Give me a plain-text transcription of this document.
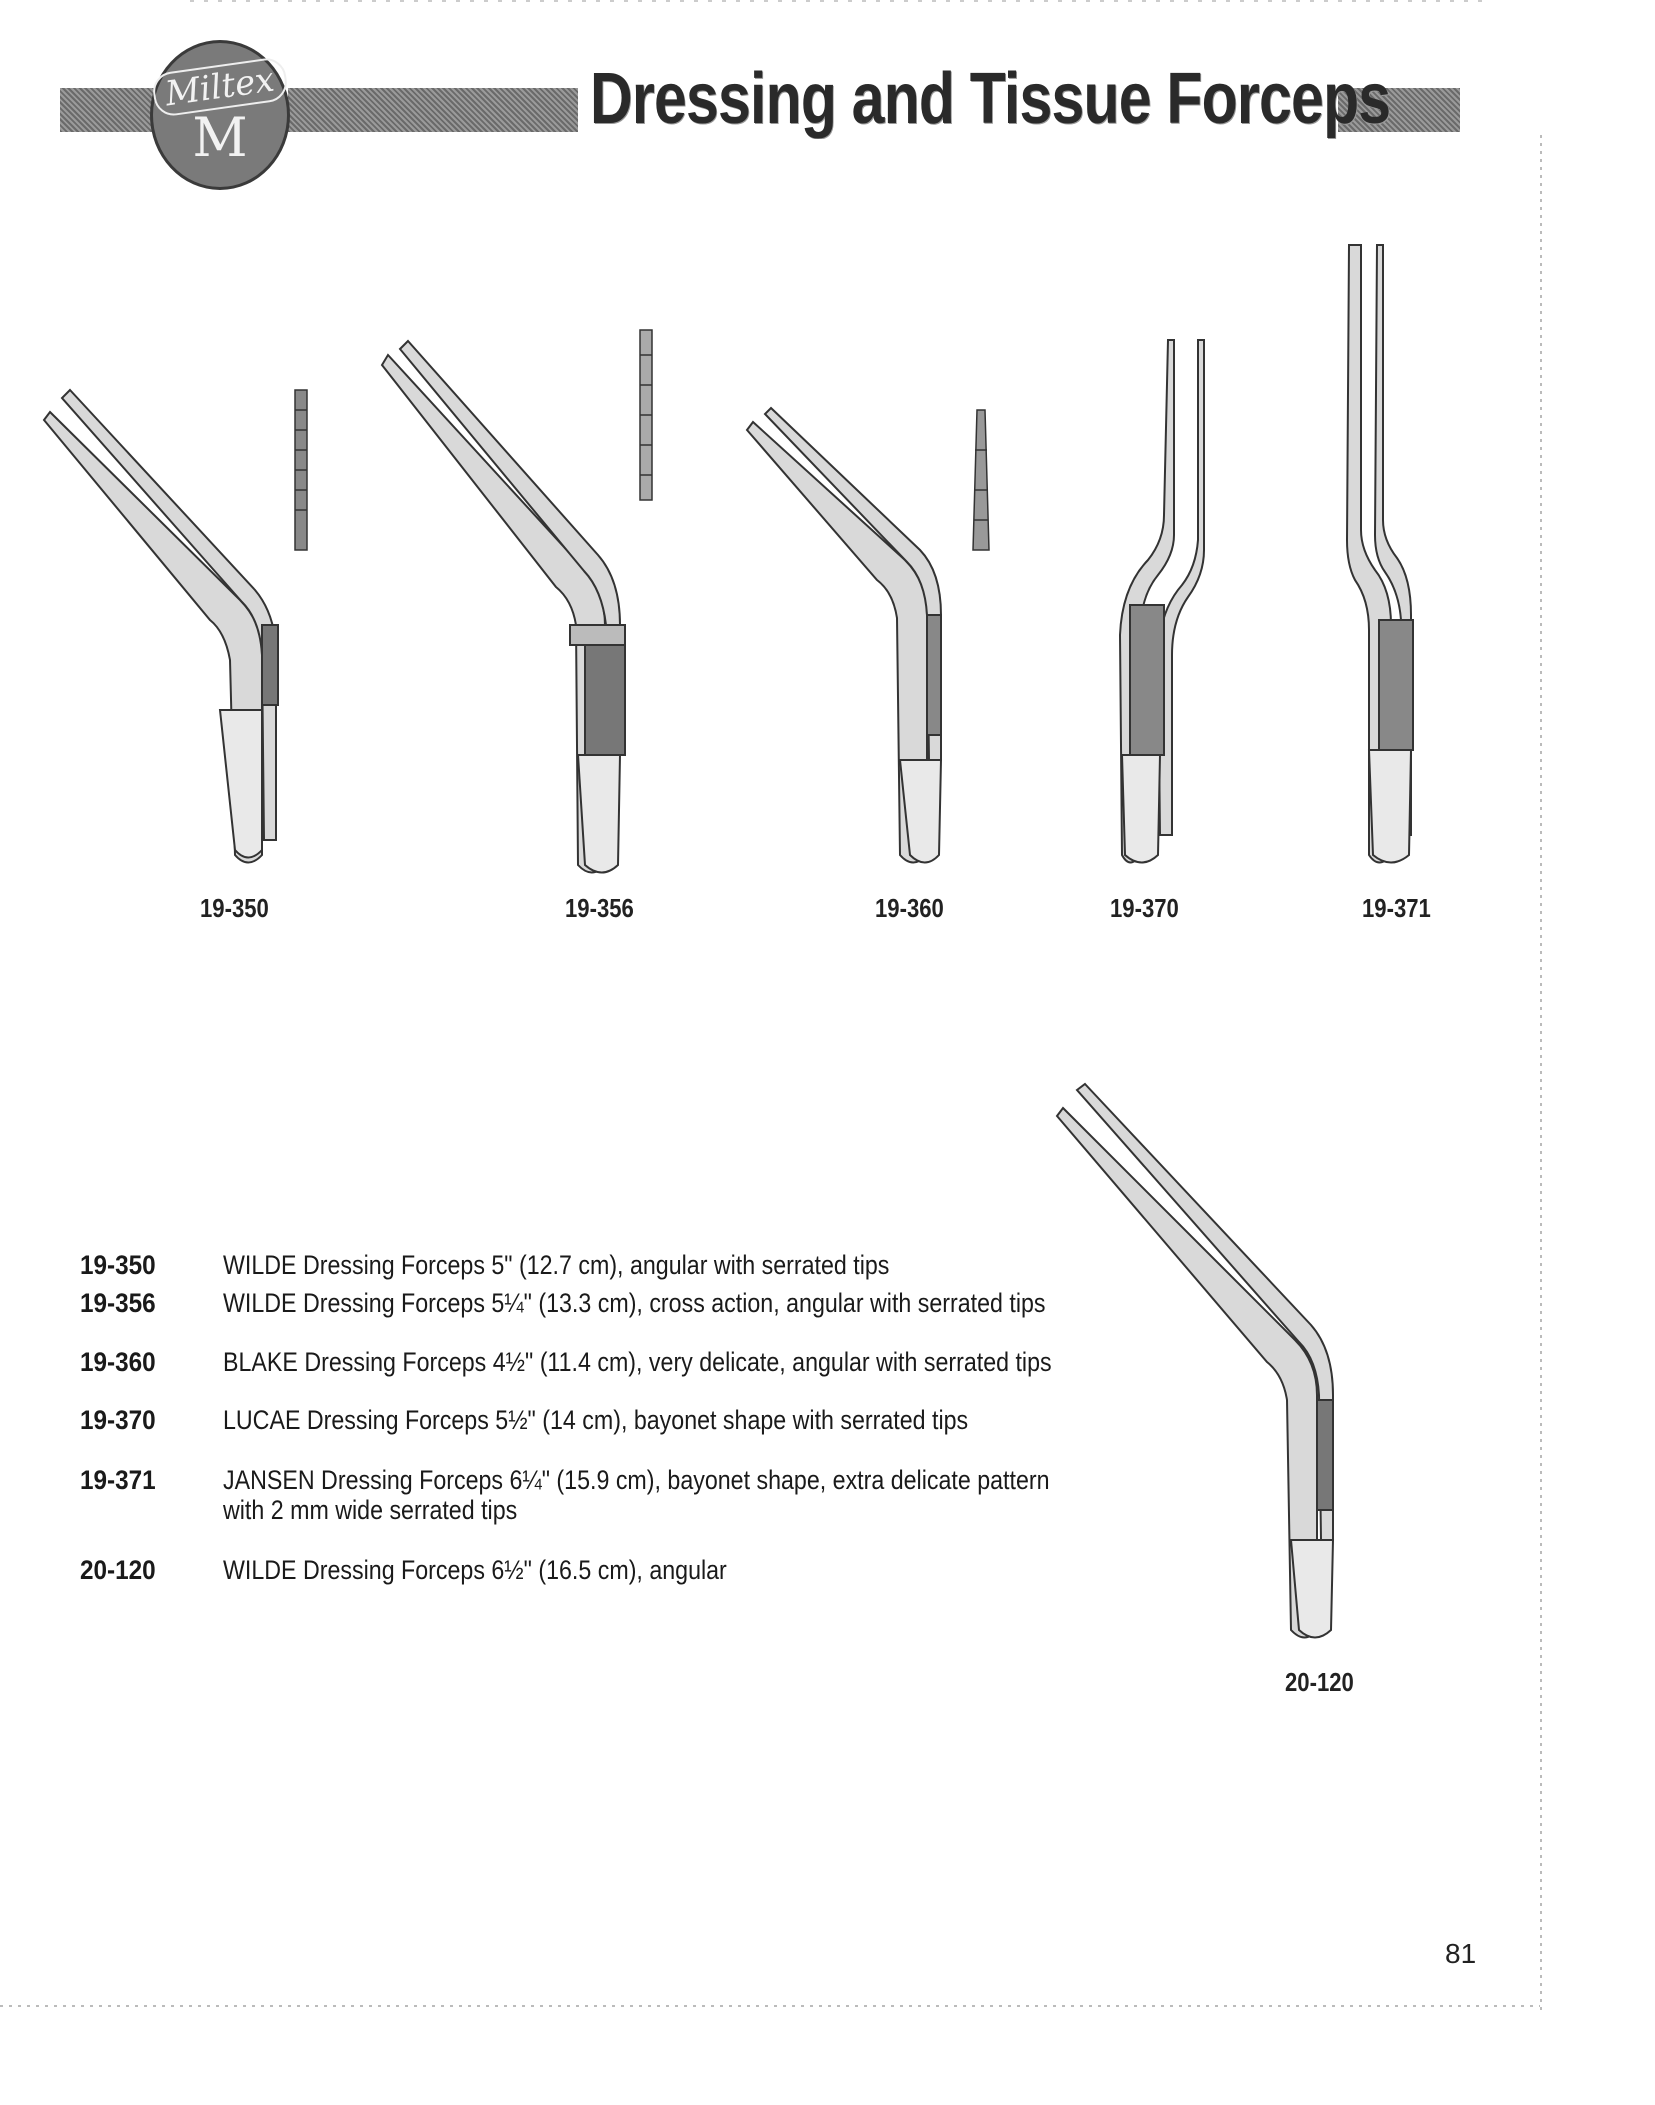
Miltex
M	Dressing and Tissue Forceps
19-350	19-356	19-360	19-370	19-371
20-120
19-350	WILDE Dressing Forceps 5" (12.7 cm), angular with serrated tips
19-356	WILDE Dressing Forceps 5¼" (13.3 cm), cross action, angular with serrated tips
19-360	BLAKE Dressing Forceps 4½" (11.4 cm), very delicate, angular with serrated tips
19-370	LUCAE Dressing Forceps 5½" (14 cm), bayonet shape with serrated tips
19-371	JANSEN Dressing Forceps 6¼" (15.9 cm), bayonet shape, extra delicate pattern
with 2 mm wide serrated tips
20-120	WILDE Dressing Forceps 6½" (16.5 cm), angular
81
